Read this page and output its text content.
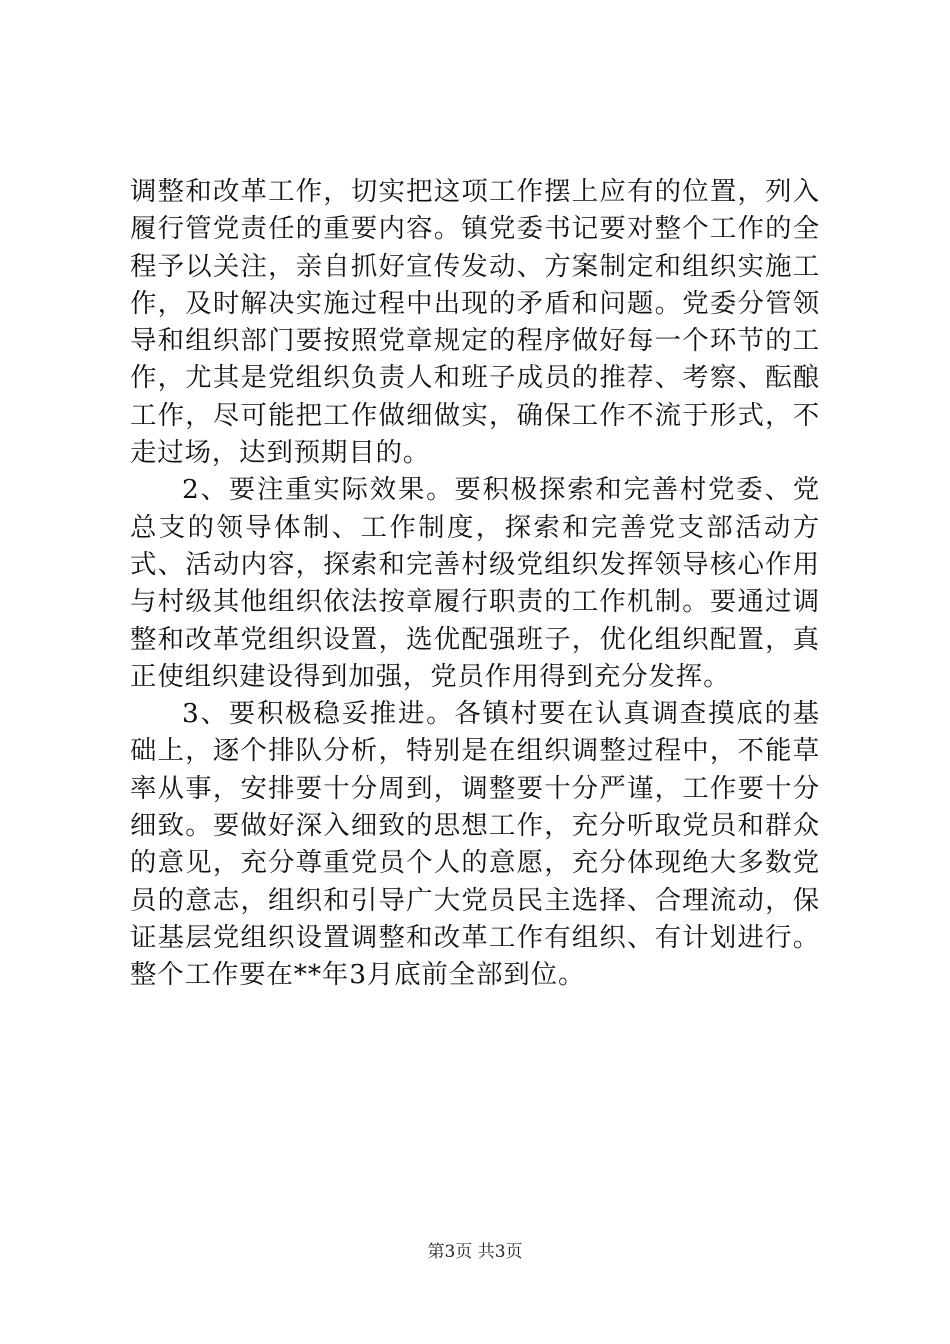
调整和改革工作，切实把这项工作摆上应有的位置，列入履行管党责任的重要内容。镇党委书记要对整个工作的全程予以关注，亲自抓好宣传发动、方案制定和组织实施工作，及时解决实施过程中出现的矛盾和问题。党委分管领导和组织部门要按照党章规定的程序做好每一个环节的工作，尤其是党组织负责人和班子成员的推荐、考察、酝酿工作，尽可能把工作做细做实，确保工作不流于形式，不走过场，达到预期目的。

2、要注重实际效果。要积极探索和完善村党委、党总支的领导体制、工作制度，探索和完善党支部活动方式、活动内容，探索和完善村级党组织发挥领导核心作用与村级其他组织依法按章履行职责的工作机制。要通过调整和改革党组织设置，选优配强班子，优化组织配置，真正使组织建设得到加强，党员作用得到充分发挥。

3、要积极稳妥推进。各镇村要在认真调查摸底的基础上，逐个排队分析，特别是在组织调整过程中，不能草率从事，安排要十分周到，调整要十分严谨，工作要十分细致。要做好深入细致的思想工作，充分听取党员和群众的意见，充分尊重党员个人的意愿，充分体现绝大多数党员的意志，组织和引导广大党员民主选择、合理流动，保证基层党组织设置调整和改革工作有组织、有计划进行。整个工作要在**年3月底前全部到位。

第3页 共3页
